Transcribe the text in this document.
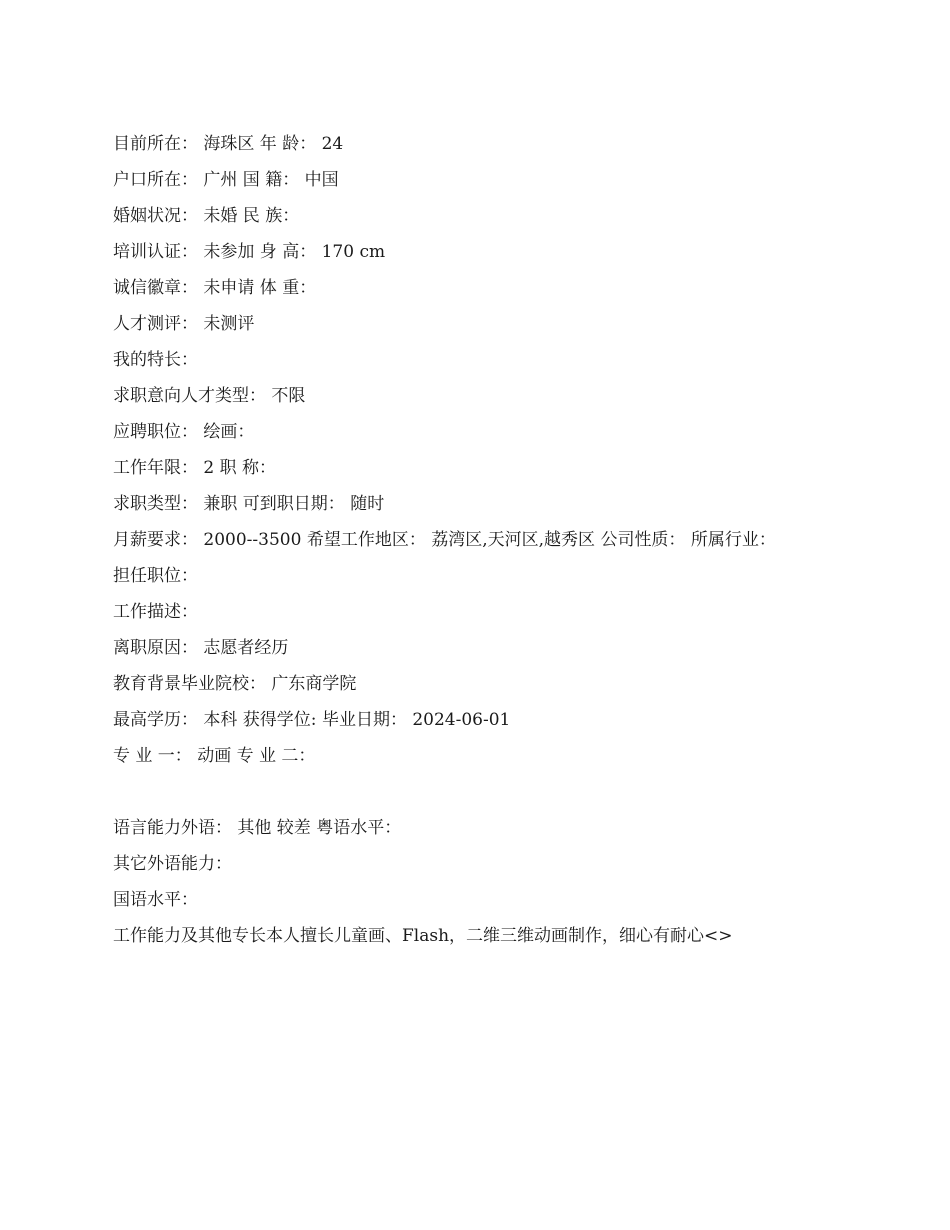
目前所在： 海珠区 年 龄： 24
户口所在： 广州 国 籍： 中国
婚姻状况： 未婚 民 族：
培训认证： 未参加 身 高： 170 cm
诚信徽章： 未申请 体 重：
人才测评： 未测评
我的特长：
求职意向人才类型： 不限
应聘职位： 绘画：
工作年限： 2 职 称：
求职类型： 兼职 可到职日期： 随时
月薪要求： 2000--3500 希望工作地区： 荔湾区,天河区,越秀区 公司性质： 所属行业：
担任职位：
工作描述：
离职原因： 志愿者经历
教育背景毕业院校： 广东商学院
最高学历： 本科 获得学位: 毕业日期： 2024-06-01
专 业 一： 动画 专 业 二：
语言能力外语： 其他 较差 粤语水平：
其它外语能力：
国语水平：
工作能力及其他专长本人擅长儿童画、Flash，二维三维动画制作，细心有耐心<>
